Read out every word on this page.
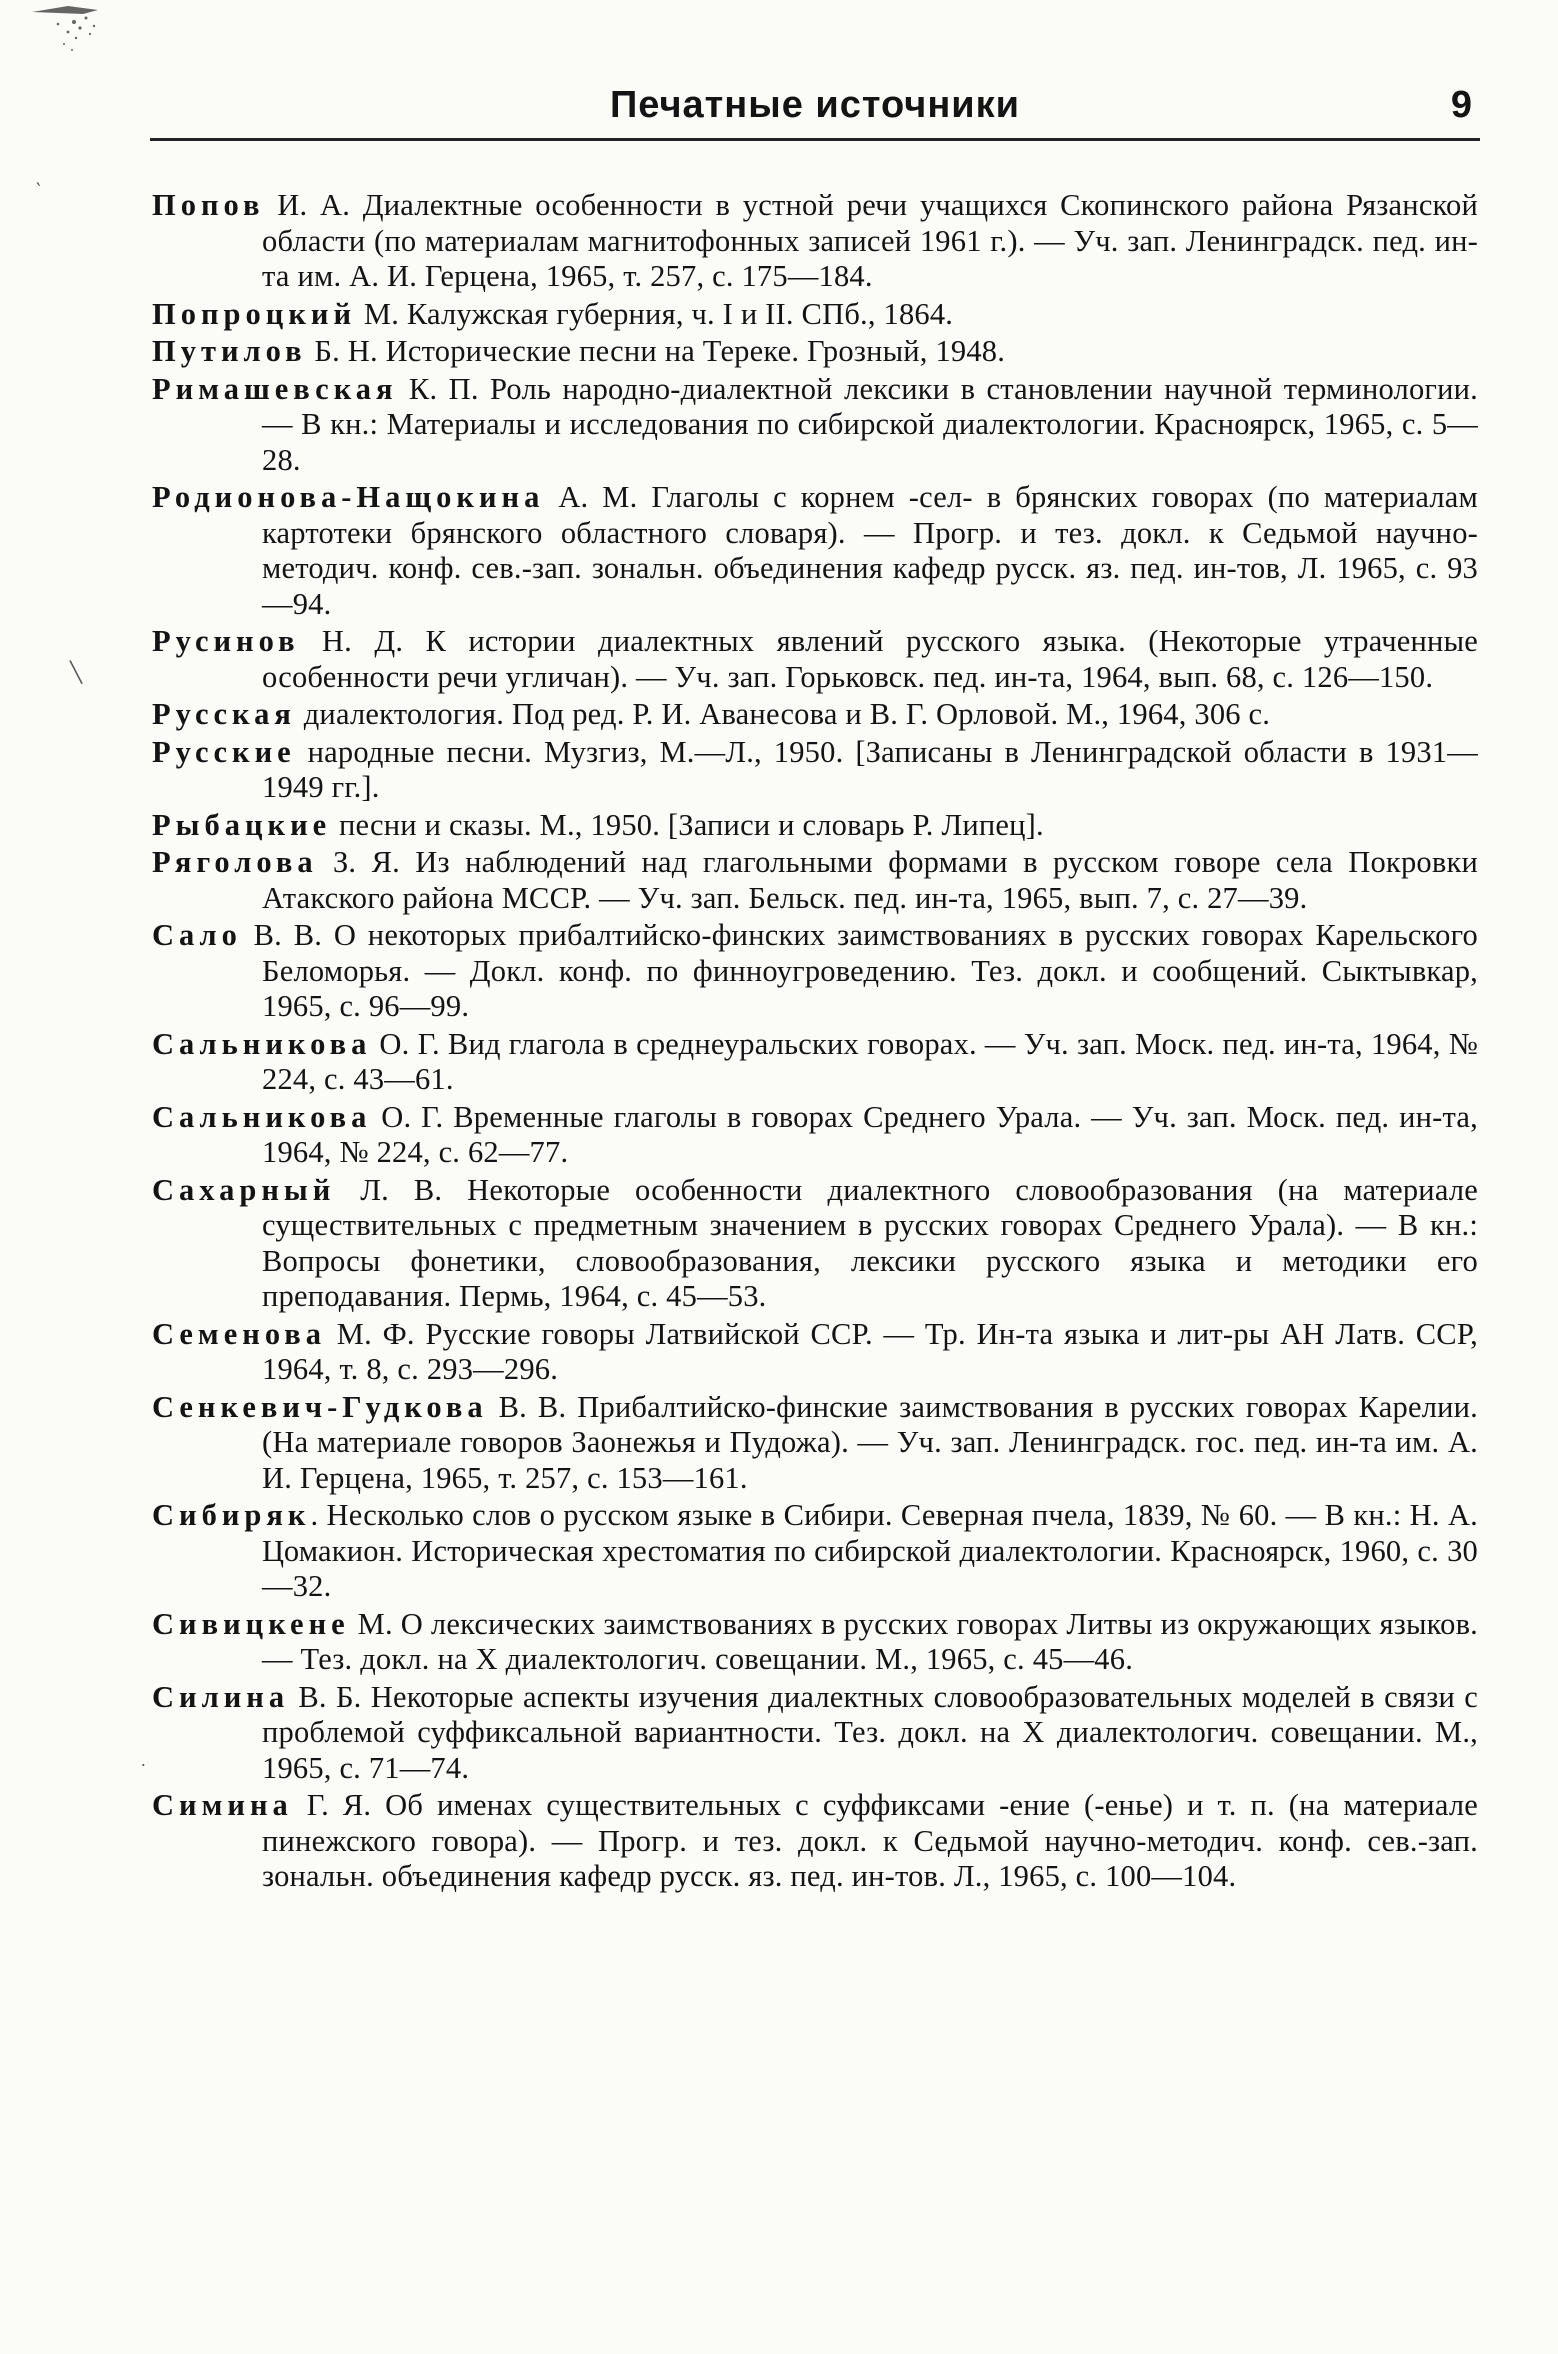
‵
╲
˙
Печатные источники	9

Попов И. А. Диалектные особенности в устной речи учащихся Скопинского района Рязанской области (по материалам магнитофонных записей 1961 г.). — Уч. зап. Ленинградск. пед. ин-та им. А. И. Герцена, 1965, т. 257, с. 175—184.

Попроцкий М. Калужская губерния, ч. I и II. СПб., 1864.

Путилов Б. Н. Исторические песни на Тереке. Грозный, 1948.

Римашевская К. П. Роль народно-диалектной лексики в становлении научной терминологии. — В кн.: Материалы и исследования по сибирской диалектологии. Красноярск, 1965, с. 5—28.

Родионова-Нащокина А. М. Глаголы с корнем -сел- в брянских говорах (по материалам картотеки брянского областного словаря). — Прогр. и тез. докл. к Седьмой научно-методич. конф. сев.-зап. зональн. объединения кафедр русск. яз. пед. ин-тов, Л. 1965, с. 93—94.

Русинов Н. Д. К истории диалектных явлений русского языка. (Некоторые утраченные особенности речи угличан). — Уч. зап. Горьковск. пед. ин-та, 1964, вып. 68, с. 126—150.

Русская диалектология. Под ред. Р. И. Аванесова и В. Г. Орловой. М., 1964, 306 с.

Русские народные песни. Музгиз, М.—Л., 1950. [Записаны в Ленинградской области в 1931—1949 гг.].

Рыбацкие песни и сказы. М., 1950. [Записи и словарь Р. Липец].

Ряголова З. Я. Из наблюдений над глагольными формами в русском говоре села Покровки Атакского района МССР. — Уч. зап. Бельск. пед. ин-та, 1965, вып. 7, с. 27—39.

Сало В. В. О некоторых прибалтийско-финских заимствованиях в русских говорах Карельского Беломорья. — Докл. конф. по финноугроведению. Тез. докл. и сообщений. Сыктывкар, 1965, с. 96—99.

Сальникова О. Г. Вид глагола в среднеуральских говорах. — Уч. зап. Моск. пед. ин-та, 1964, № 224, с. 43—61.

Сальникова О. Г. Временные глаголы в говорах Среднего Урала. — Уч. зап. Моск. пед. ин-та, 1964, № 224, с. 62—77.

Сахарный Л. В. Некоторые особенности диалектного словообразования (на материале существительных с предметным значением в русских говорах Среднего Урала). — В кн.: Вопросы фонетики, словообразования, лексики русского языка и методики его преподавания. Пермь, 1964, с. 45—53.

Семенова М. Ф. Русские говоры Латвийской ССР. — Тр. Ин-та языка и лит-ры АН Латв. ССР, 1964, т. 8, с. 293—296.

Сенкевич-Гудкова В. В. Прибалтийско-финские заимствования в русских говорах Карелии. (На материале говоров Заонежья и Пудожа). — Уч. зап. Ленинградск. гос. пед. ин-та им. А. И. Герцена, 1965, т. 257, с. 153—161.

Сибиряк. Несколько слов о русском языке в Сибири. Северная пчела, 1839, № 60. — В кн.: Н. А. Цомакион. Историческая хрестоматия по сибирской диалектологии. Красноярск, 1960, с. 30—32.

Сивицкене М. О лексических заимствованиях в русских говорах Литвы из окружающих языков. — Тез. докл. на X диалектологич. совещании. М., 1965, с. 45—46.

Силина В. Б. Некоторые аспекты изучения диалектных словообразовательных моделей в связи с проблемой суффиксальной вариантности. Тез. докл. на X диалектологич. совещании. М., 1965, с. 71—74.

Симина Г. Я. Об именах существительных с суффиксами -ение (-енье) и т. п. (на материале пинежского говора). — Прогр. и тез. докл. к Седьмой научно-методич. конф. сев.-зап. зональн. объединения кафедр русск. яз. пед. ин-тов. Л., 1965, с. 100—104.
